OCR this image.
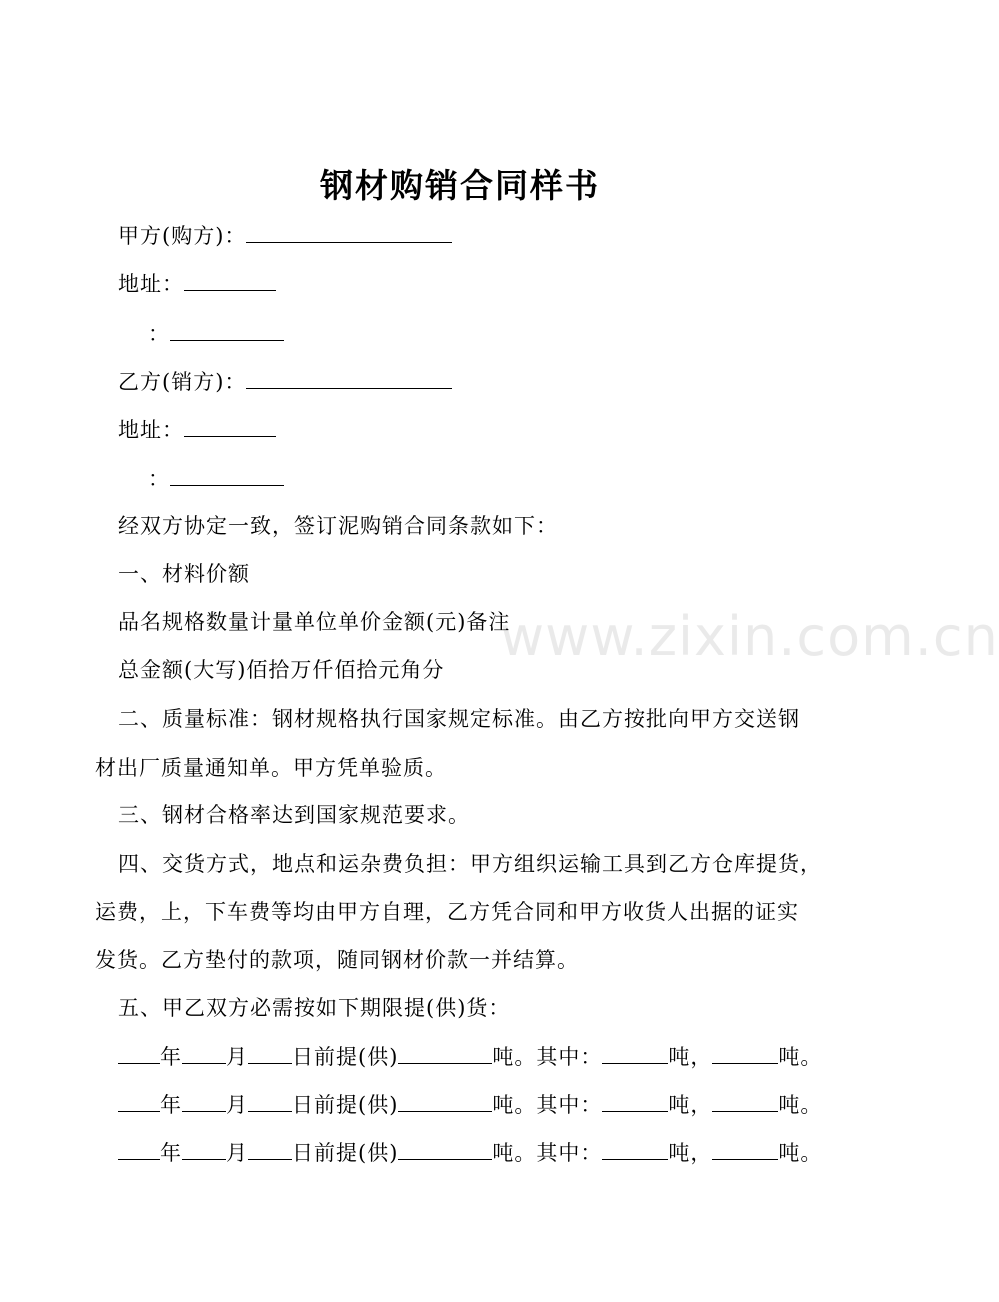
钢材购销合同样书
甲方(购方)：
地址：
：
乙方(销方)：
地址：
：
经双方协定一致，签订泥购销合同条款如下：
一、材料价额
品名规格数量计量单位单价金额(元)备注
总金额(大写)佰拾万仟佰拾元角分
二、质量标准：钢材规格执行国家规定标准。由乙方按批向甲方交送钢
材出厂质量通知单。甲方凭单验质。
三、钢材合格率达到国家规范要求。
四、交货方式，地点和运杂费负担：甲方组织运输工具到乙方仓库提货，
运费，上，下车费等均由甲方自理，乙方凭合同和甲方收货人出据的证实
发货。乙方垫付的款项，随同钢材价款一并结算。
五、甲乙双方必需按如下期限提(供)货：
年 月 日前提(供)	吨。其中：	吨，	吨。
年 月 日前提(供)	吨。其中：	吨，	吨。
年 月 日前提(供)	吨。其中：	吨，	吨。
www.zixin.com.cn
